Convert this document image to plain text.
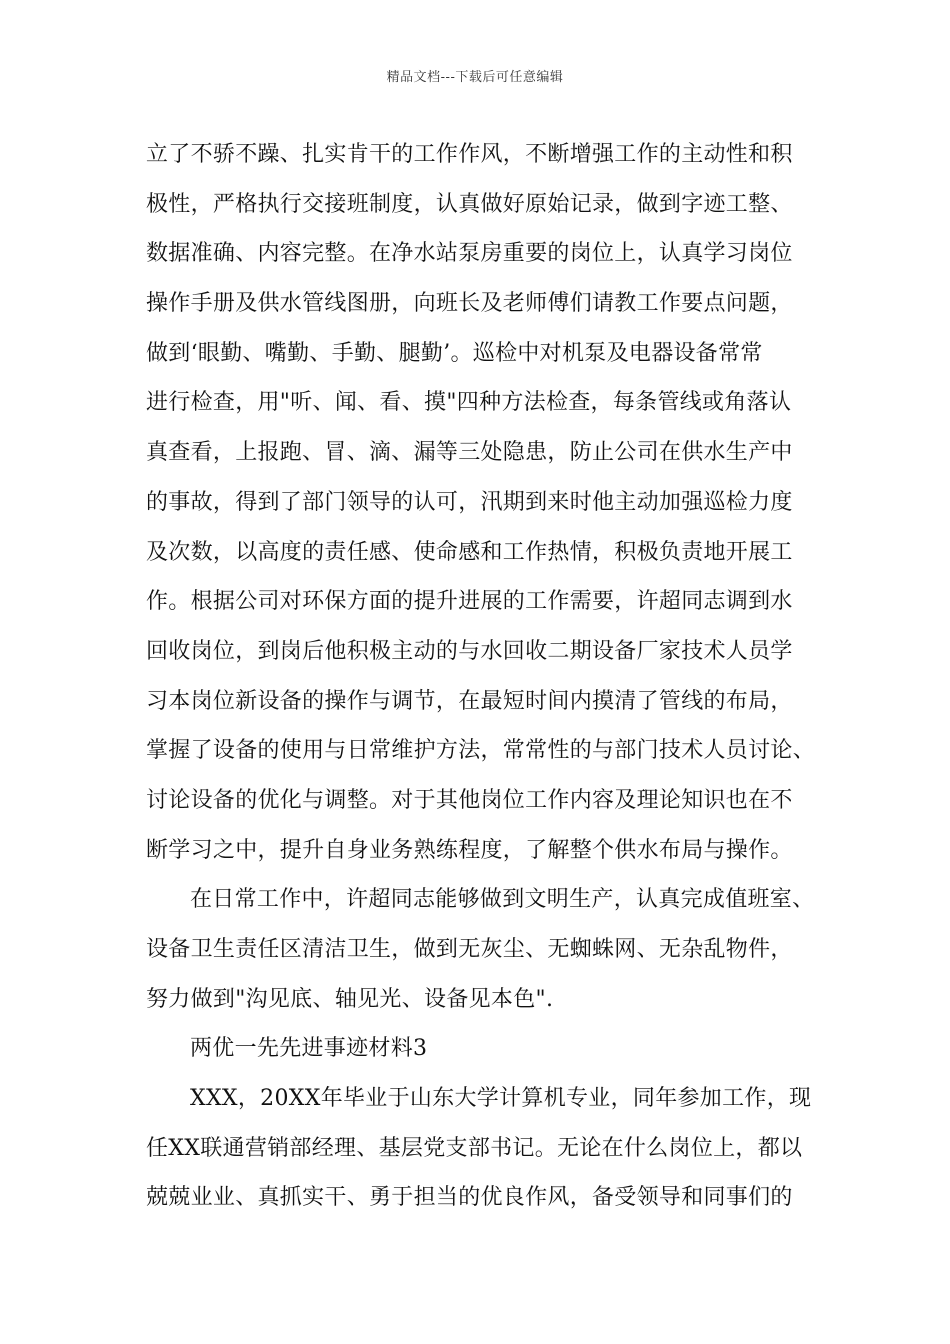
精品文档---下载后可任意编辑
立了不骄不躁、扎实肯干的工作作风，不断增强工作的主动性和积
极性，严格执行交接班制度，认真做好原始记录，做到字迹工整、
数据准确、内容完整。在净水站泵房重要的岗位上，认真学习岗位
操作手册及供水管线图册，向班长及老师傅们请教工作要点问题，
做到‘眼勤、嘴勤、手勤、腿勤’。巡检中对机泵及电器设备常常
进行检查，用"听、闻、看、摸"四种方法检查，每条管线或角落认
真查看，上报跑、冒、滴、漏等三处隐患，防止公司在供水生产中
的事故，得到了部门领导的认可，汛期到来时他主动加强巡检力度
及次数，以高度的责任感、使命感和工作热情，积极负责地开展工
作。根据公司对环保方面的提升进展的工作需要，许超同志调到水
回收岗位，到岗后他积极主动的与水回收二期设备厂家技术人员学
习本岗位新设备的操作与调节，在最短时间内摸清了管线的布局，
掌握了设备的使用与日常维护方法，常常性的与部门技术人员讨论、
讨论设备的优化与调整。对于其他岗位工作内容及理论知识也在不
断学习之中，提升自身业务熟练程度，了解整个供水布局与操作。
在日常工作中，许超同志能够做到文明生产，认真完成值班室、
设备卫生责任区清洁卫生，做到无灰尘、无蜘蛛网、无杂乱物件，
努力做到"沟见底、轴见光、设备见本色".
两优一先先进事迹材料3
XXX，20XX年毕业于山东大学计算机专业，同年参加工作，现
任XX联通营销部经理、基层党支部书记。无论在什么岗位上，都以
兢兢业业、真抓实干、勇于担当的优良作风，备受领导和同事们的
